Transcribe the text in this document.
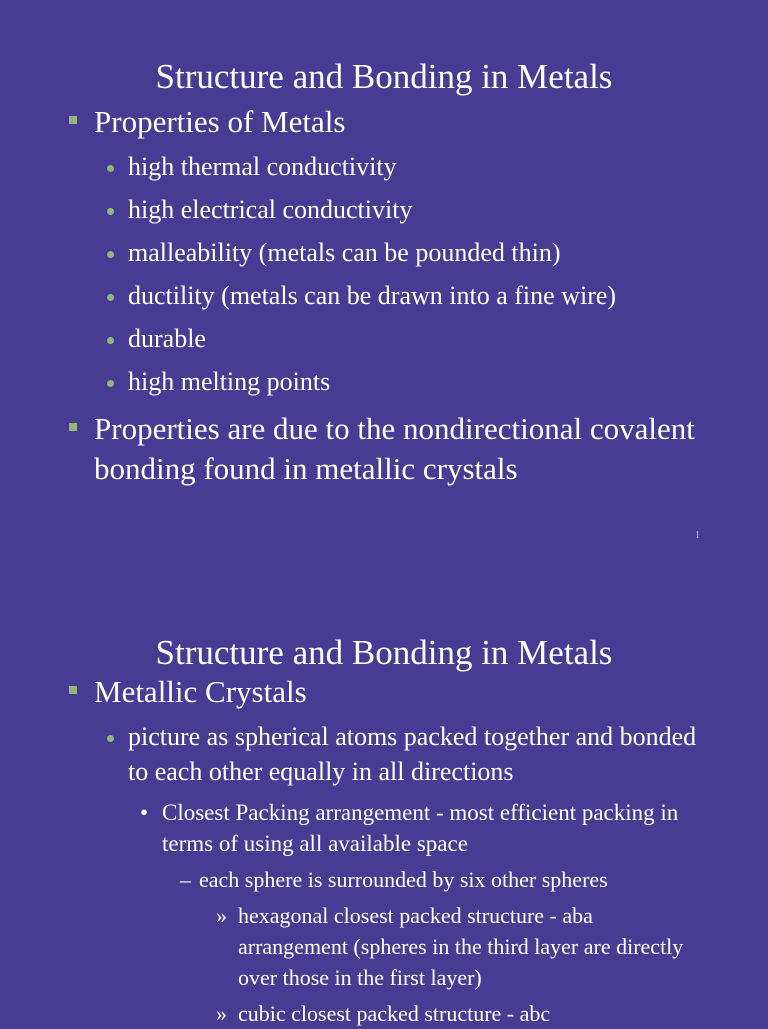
Structure and Bonding in Metals
Properties of Metals
high thermal conductivity
high electrical conductivity
malleability (metals can be pounded thin)
ductility (metals can be drawn into a fine wire)
durable
high melting points
Properties are due to the nondirectional covalent bonding found in metallic crystals
1
Structure and Bonding in Metals
Metallic Crystals
picture as spherical atoms packed together and bonded to each other equally in all directions
• Closest Packing arrangement - most efficient packing in terms of using all available space
– each sphere is surrounded by six other spheres
» hexagonal closest packed structure - aba arrangement (spheres in the third layer are directly over those in the first layer)
» cubic closest packed structure - abc
